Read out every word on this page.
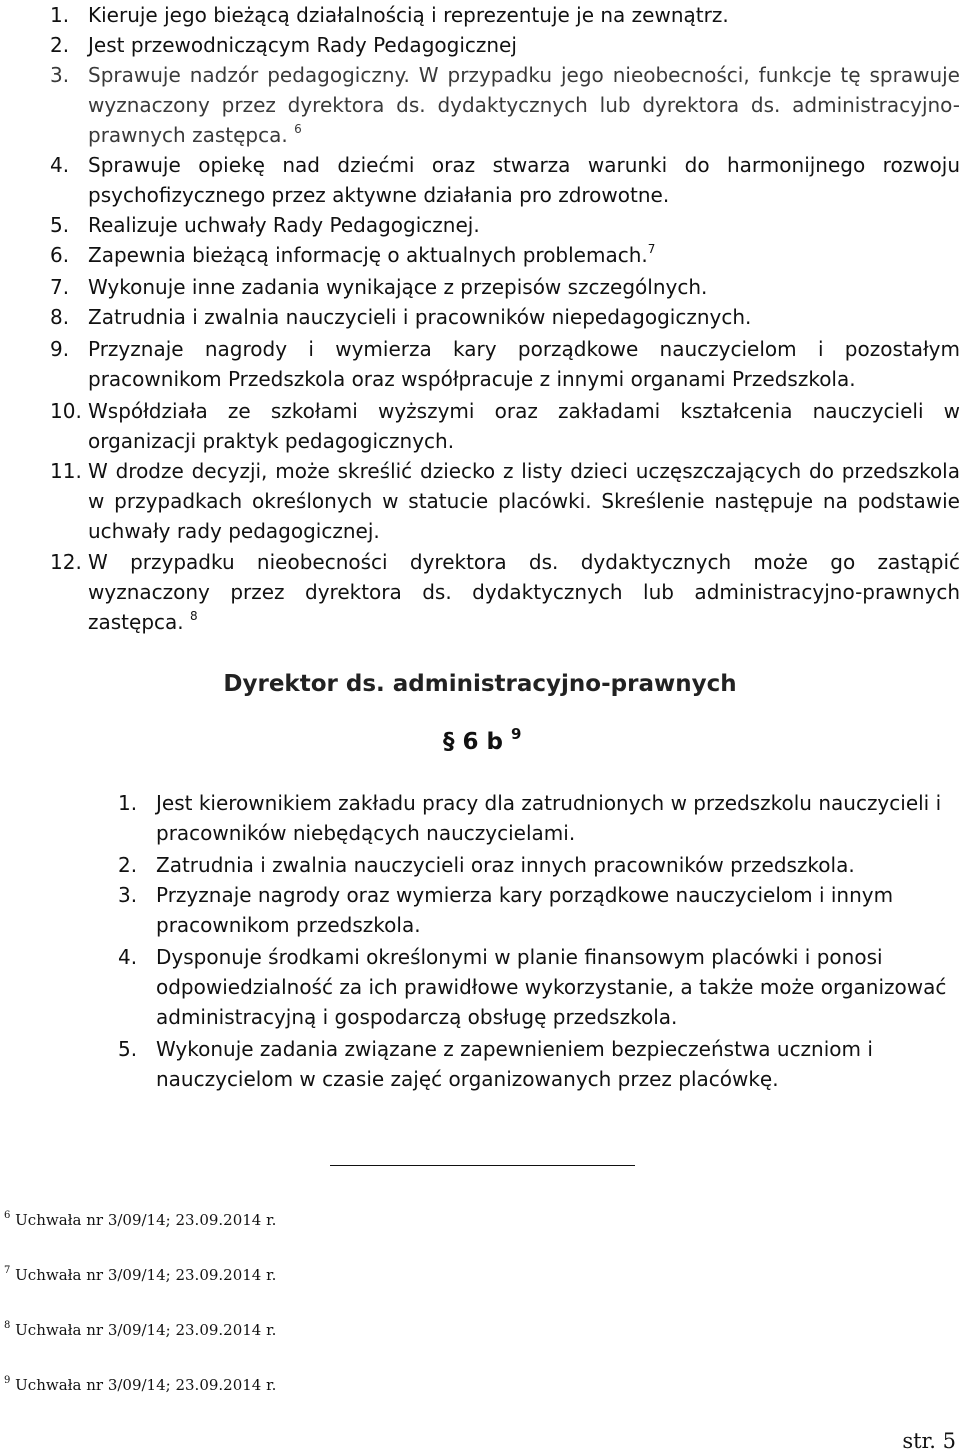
1. Kieruje jego bieżącą działalnością i reprezentuje je na zewnątrz.
2. Jest przewodniczącym Rady Pedagogicznej
3. Sprawuje nadzór pedagogiczny. W przypadku jego nieobecności, funkcje tę sprawuje wyznaczony przez dyrektora ds. dydaktycznych lub dyrektora ds. administracyjno-prawnych zastępca. $^6$
4. Sprawuje opiekę nad dziećmi oraz stwarza warunki do harmonijnego rozwoju psychofizycznego przez aktywne działania pro zdrowotne.
5. Realizuje uchwały Rady Pedagogicznej.
6. Zapewnia bieżącą informację o aktualnych problemach.$^7$
7. Wykonuje inne zadania wynikające z przepisów szczególnych.
8. Zatrudnia i zwalnia nauczycieli i pracowników niepedagogicznych.
9. Przyznaje nagrody i wymierza kary porządkowe nauczycielom i pozostałym pracownikom Przedszkola oraz współpracuje z innymi organami Przedszkola.
10. Współdziała ze szkołami wyższymi oraz zakładami kształcenia nauczycieli w organizacji praktyk pedagogicznych.
11. W drodze decyzji, może skreślić dziecko z listy dzieci uczęszczających do przedszkola w przypadkach określonych w statucie placówki. Skreślenie następuje na podstawie uchwały rady pedagogicznej.
12. W przypadku nieobecności dyrektora ds. dydaktycznych może go zastąpić wyznaczony przez dyrektora ds. dydaktycznych lub administracyjno-prawnych zastępca. $^8$
Dyrektor ds. administracyjno-prawnych
§ 6 b $^9$
1. Jest kierownikiem zakładu pracy dla zatrudnionych w przedszkolu nauczycieli i pracowników niebędących nauczycielami.
2. Zatrudnia i zwalnia nauczycieli oraz innych pracowników przedszkola.
3. Przyznaje nagrody oraz wymierza kary porządkowe nauczycielom i innym pracownikom przedszkola.
4. Dysponuje środkami określonymi w planie finansowym placówki i ponosi odpowiedzialność za ich prawidłowe wykorzystanie, a także może organizować administracyjną i gospodarczą obsługę przedszkola.
5. Wykonuje zadania związane z zapewnieniem bezpieczeństwa uczniom i nauczycielom w czasie zajęć organizowanych przez placówkę.
$^6$ Uchwała nr 3/09/14; 23.09.2014 r.
$^7$ Uchwała nr 3/09/14; 23.09.2014 r.
$^8$ Uchwała nr 3/09/14; 23.09.2014 r.
$^9$ Uchwała nr 3/09/14; 23.09.2014 r.
str. 5
